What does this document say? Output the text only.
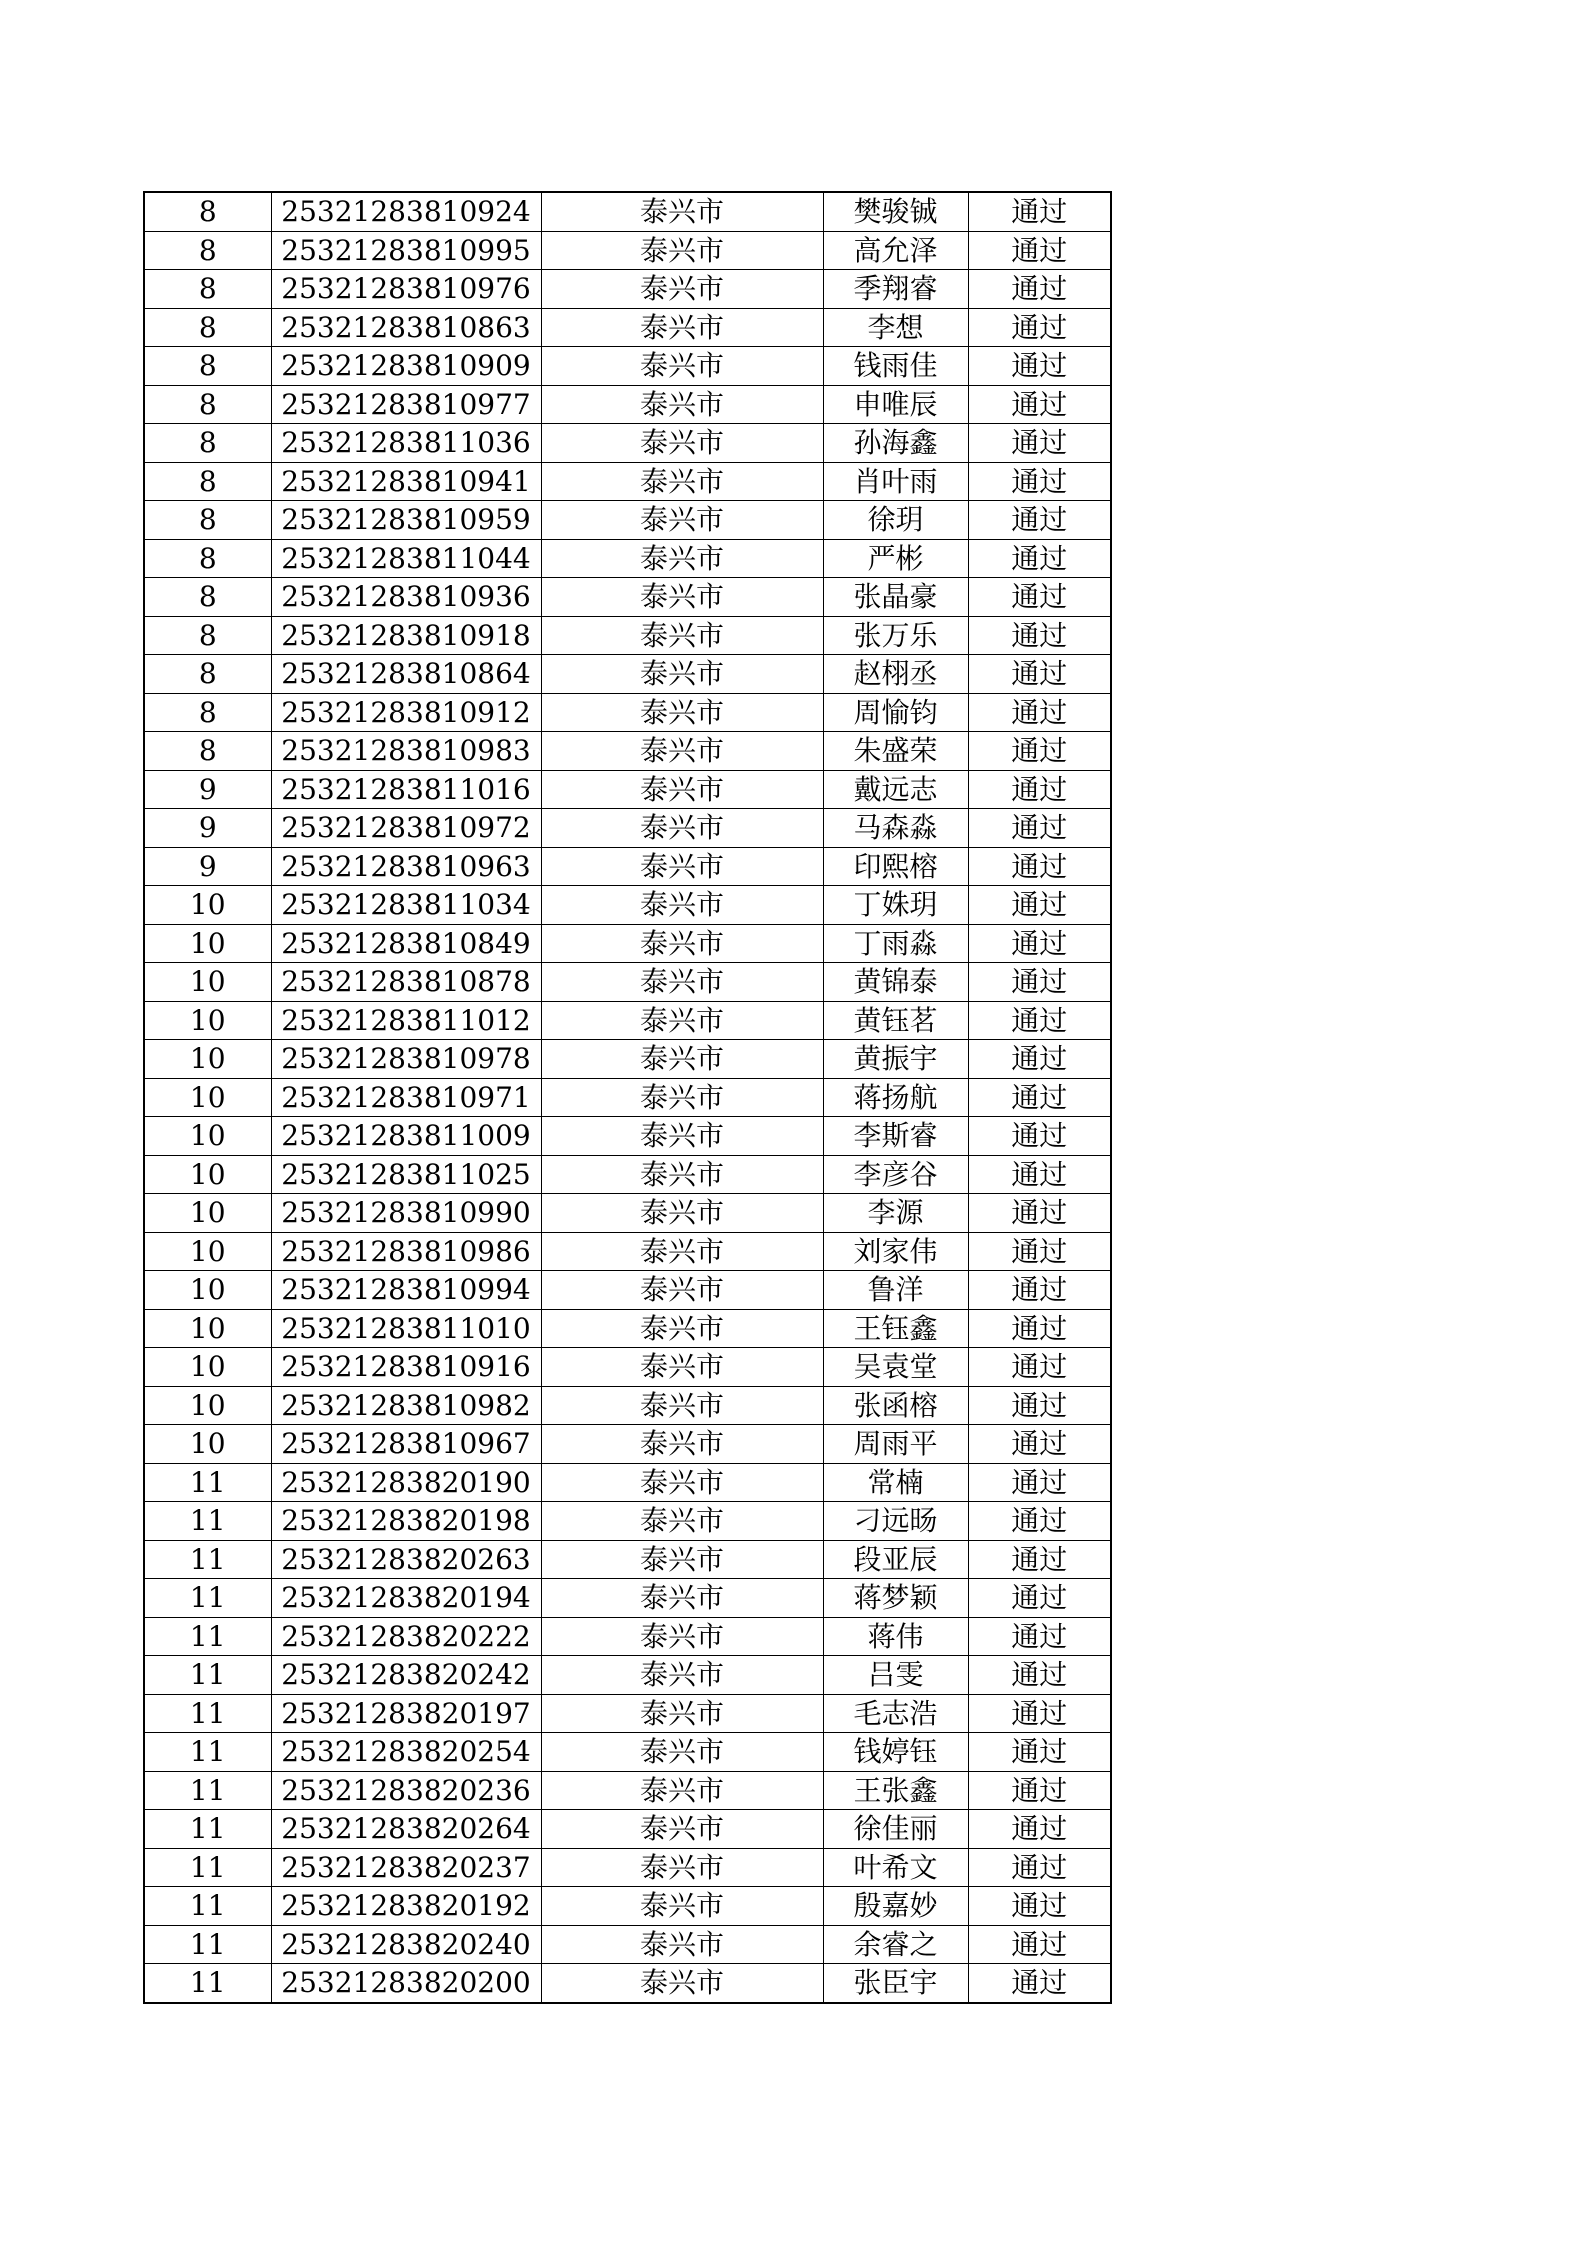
8	25321283810924	泰兴市	樊骏铖	通过
8	25321283810995	泰兴市	高允泽	通过
8	25321283810976	泰兴市	季翔睿	通过
8	25321283810863	泰兴市	李想	通过
8	25321283810909	泰兴市	钱雨佳	通过
8	25321283810977	泰兴市	申唯辰	通过
8	25321283811036	泰兴市	孙海鑫	通过
8	25321283810941	泰兴市	肖叶雨	通过
8	25321283810959	泰兴市	徐玥	通过
8	25321283811044	泰兴市	严彬	通过
8	25321283810936	泰兴市	张晶豪	通过
8	25321283810918	泰兴市	张万乐	通过
8	25321283810864	泰兴市	赵栩丞	通过
8	25321283810912	泰兴市	周愉钧	通过
8	25321283810983	泰兴市	朱盛荣	通过
9	25321283811016	泰兴市	戴远志	通过
9	25321283810972	泰兴市	马森淼	通过
9	25321283810963	泰兴市	印熙榕	通过
10	25321283811034	泰兴市	丁姝玥	通过
10	25321283810849	泰兴市	丁雨淼	通过
10	25321283810878	泰兴市	黄锦泰	通过
10	25321283811012	泰兴市	黄钰茗	通过
10	25321283810978	泰兴市	黄振宇	通过
10	25321283810971	泰兴市	蒋扬航	通过
10	25321283811009	泰兴市	李斯睿	通过
10	25321283811025	泰兴市	李彦谷	通过
10	25321283810990	泰兴市	李源	通过
10	25321283810986	泰兴市	刘家伟	通过
10	25321283810994	泰兴市	鲁洋	通过
10	25321283811010	泰兴市	王钰鑫	通过
10	25321283810916	泰兴市	吴袁堂	通过
10	25321283810982	泰兴市	张函榕	通过
10	25321283810967	泰兴市	周雨平	通过
11	25321283820190	泰兴市	常楠	通过
11	25321283820198	泰兴市	刁远旸	通过
11	25321283820263	泰兴市	段亚辰	通过
11	25321283820194	泰兴市	蒋梦颖	通过
11	25321283820222	泰兴市	蒋伟	通过
11	25321283820242	泰兴市	吕雯	通过
11	25321283820197	泰兴市	毛志浩	通过
11	25321283820254	泰兴市	钱婷钰	通过
11	25321283820236	泰兴市	王张鑫	通过
11	25321283820264	泰兴市	徐佳丽	通过
11	25321283820237	泰兴市	叶希文	通过
11	25321283820192	泰兴市	殷嘉妙	通过
11	25321283820240	泰兴市	余睿之	通过
11	25321283820200	泰兴市	张臣宇	通过
